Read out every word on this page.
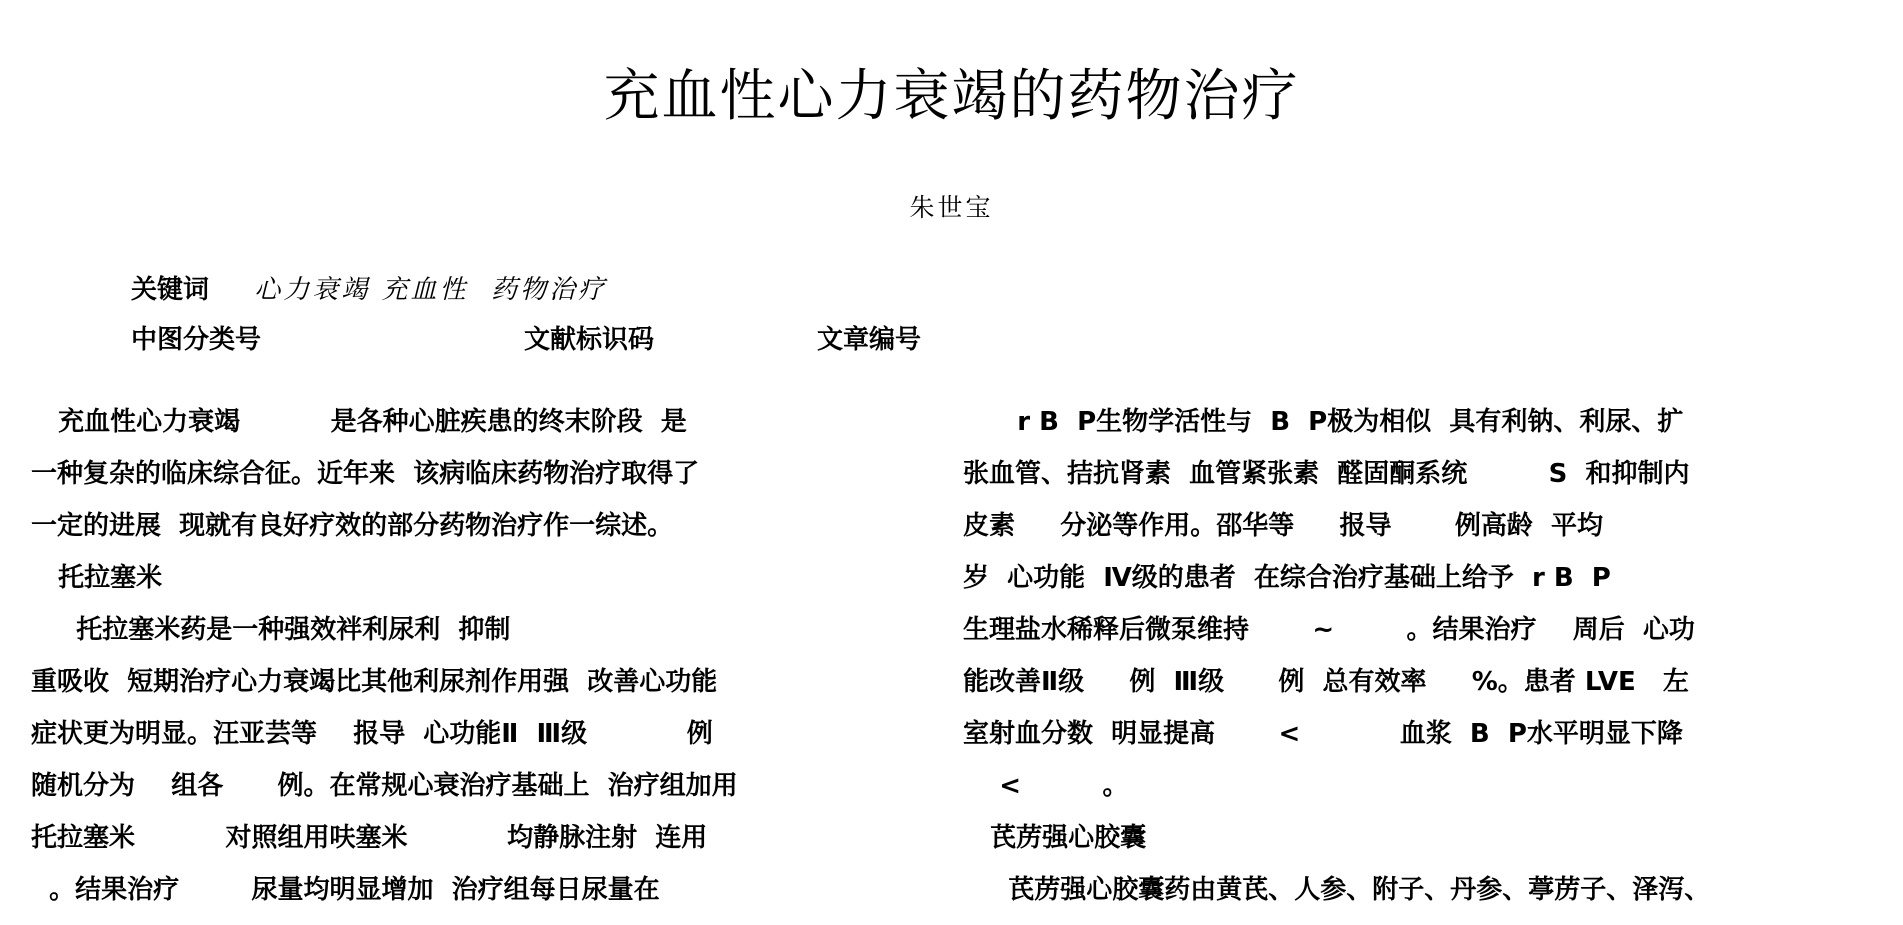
充血性心力衰竭的药物治疗
朱世宝
关键词 心力衰竭 充血性  药物治疗
中图分类号	文献标识码	文章编号
充血性心力衰竭          是各种心脏疾患的终末阶段  是
一种复杂的临床综合征。近年来  该病临床药物治疗取得了
一定的进展  现就有良好疗效的部分药物治疗作一综述。
托拉塞米
托拉塞米药是一种强效袢利尿利  抑制
重吸收  短期治疗心力衰竭比其他利尿剂作用强  改善心功能
症状更为明显。汪亚芸等    报导  心功能Ⅱ  Ⅲ级           例
随机分为    组各      例。在常规心衰治疗基础上  治疗组加用
托拉塞米          对照组用呋塞米           均静脉注射  连用
。结果治疗        尿量均明显增加  治疗组每日尿量在
r B  P生物学活性与  B  P极为相似  具有利钠、利尿、扩
张血管、拮抗肾素  血管紧张素  醛固酮系统         S  和抑制内
皮素     分泌等作用。邵华等     报导       例高龄  平均
岁  心功能  Ⅳ级的患者  在综合治疗基础上给予  r B  P
生理盐水稀释后微泵维持       ~        。结果治疗    周后  心功
能改善Ⅱ级     例  Ⅲ级      例  总有效率     %。患者 LVE   左
室射血分数  明显提高       <           血浆  B  P水平明显下降
<         。
芪苈强心胶囊
芪苈强心胶囊药由黄芪、人参、附子、丹参、葶苈子、泽泻、
